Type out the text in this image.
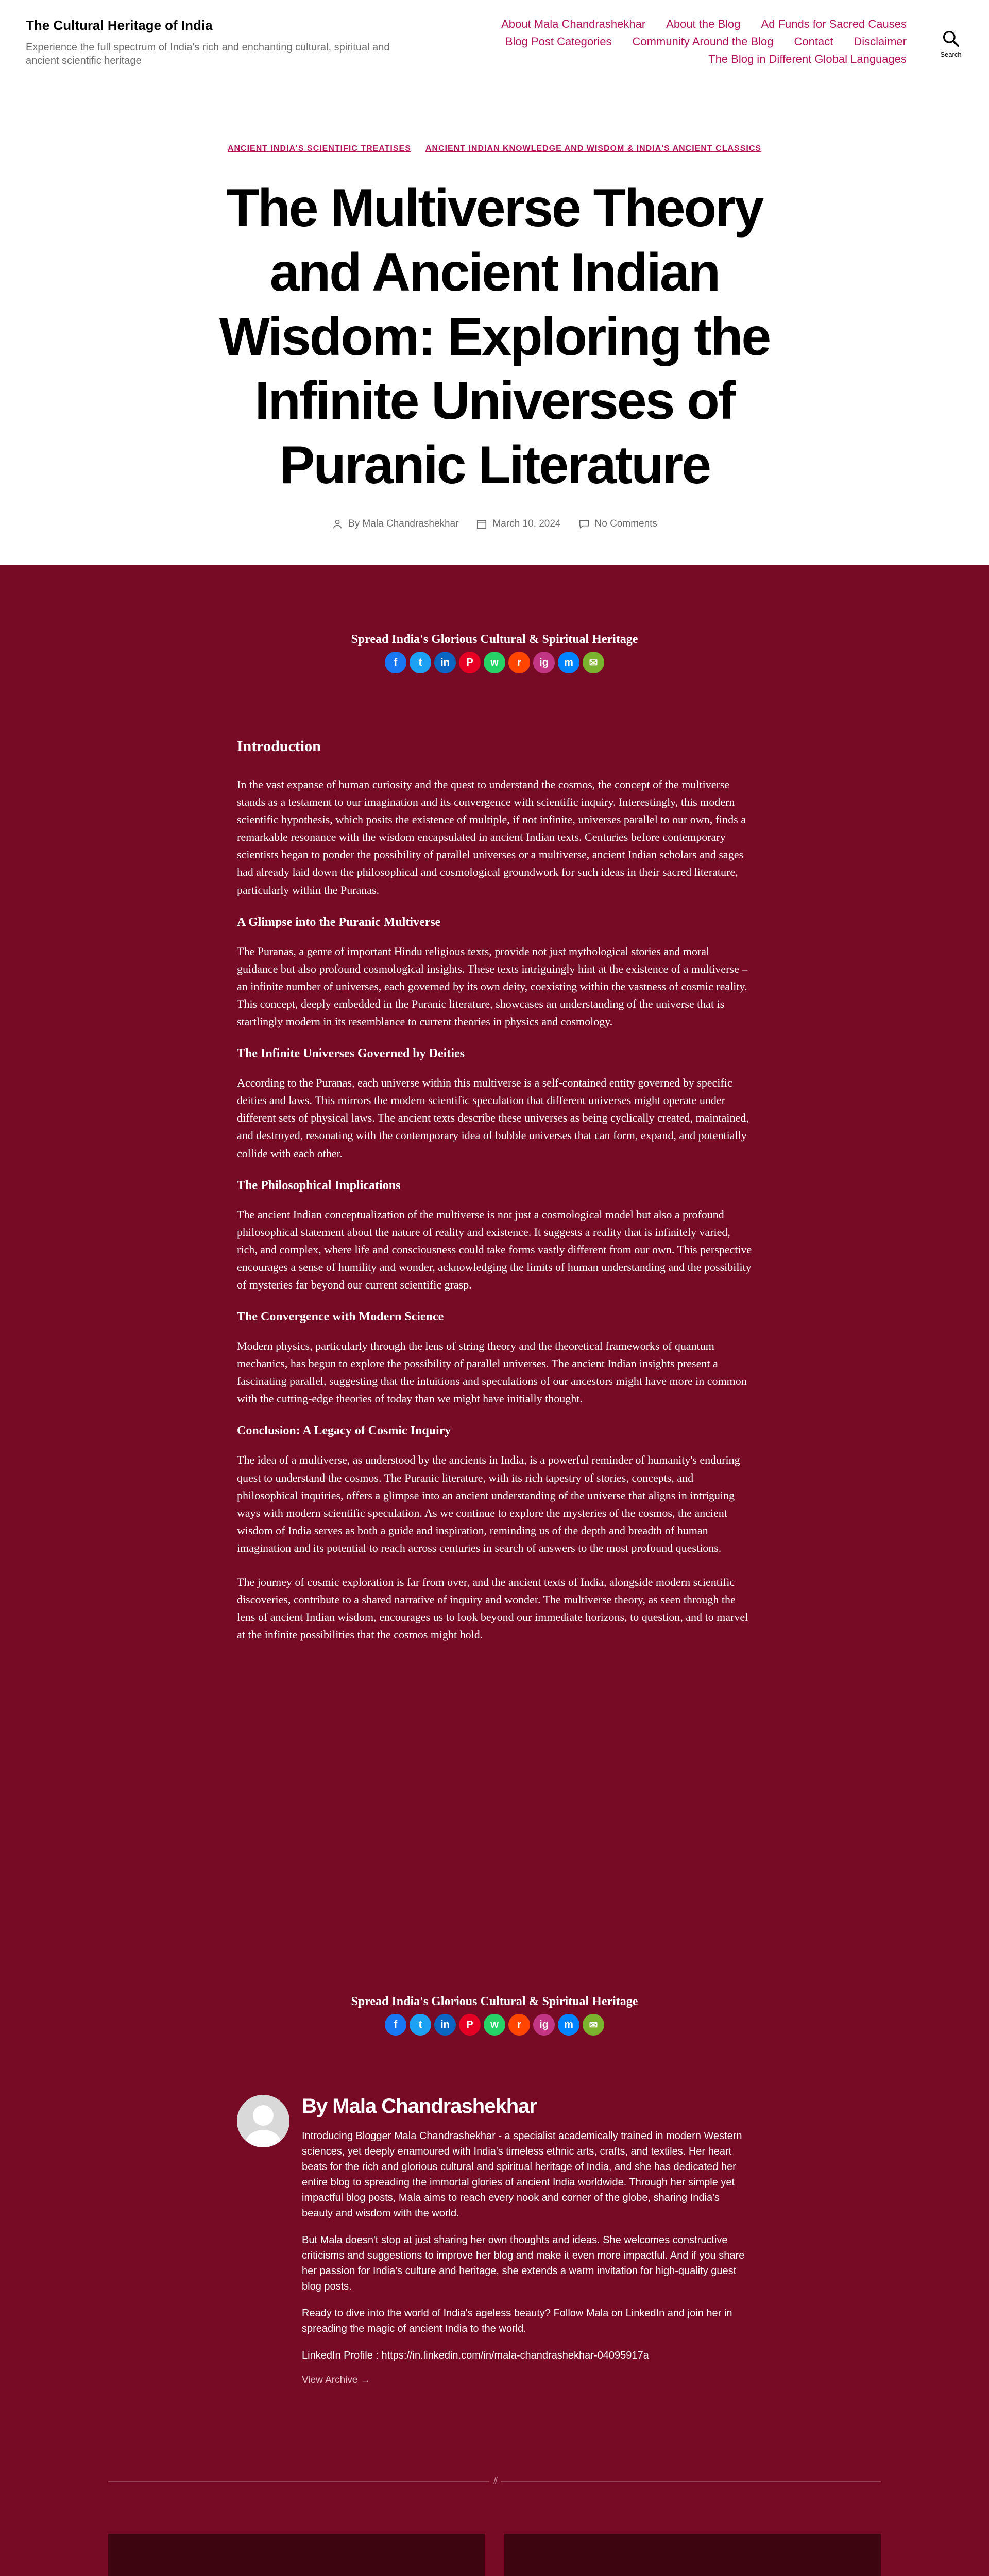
The Cultural Heritage of India

Experience the full spectrum of India's rich and enchanting cultural, spiritual and ancient scientific heritage

About Mala Chandrashekhar About the Blog Ad Funds for Sacred Causes
Blog Post Categories Community Around the Blog Contact Disclaimer
The Blog in Different Global Languages	Search
ANCIENT INDIA'S SCIENTIFIC TREATISES ANCIENT INDIAN KNOWLEDGE AND WISDOM & INDIA'S ANCIENT CLASSICS
The Multiverse Theory and Ancient Indian Wisdom: Exploring the Infinite Universes of Puranic Literature
By Mala Chandrashekhar	March 10, 2024	No Comments
Spread India's Glorious Cultural & Spiritual Heritage
f	t	in	P	w	r	ig	m	✉
Introduction

In the vast expanse of human curiosity and the quest to understand the cosmos, the concept of the multiverse stands as a testament to our imagination and its convergence with scientific inquiry. Interestingly, this modern scientific hypothesis, which posits the existence of multiple, if not infinite, universes parallel to our own, finds a remarkable resonance with the wisdom encapsulated in ancient Indian texts. Centuries before contemporary scientists began to ponder the possibility of parallel universes or a multiverse, ancient Indian scholars and sages had already laid down the philosophical and cosmological groundwork for such ideas in their sacred literature, particularly within the Puranas.

A Glimpse into the Puranic Multiverse

The Puranas, a genre of important Hindu religious texts, provide not just mythological stories and moral guidance but also profound cosmological insights. These texts intriguingly hint at the existence of a multiverse – an infinite number of universes, each governed by its own deity, coexisting within the vastness of cosmic reality. This concept, deeply embedded in the Puranic literature, showcases an understanding of the universe that is startlingly modern in its resemblance to current theories in physics and cosmology.

The Infinite Universes Governed by Deities

According to the Puranas, each universe within this multiverse is a self-contained entity governed by specific deities and laws. This mirrors the modern scientific speculation that different universes might operate under different sets of physical laws. The ancient texts describe these universes as being cyclically created, maintained, and destroyed, resonating with the contemporary idea of bubble universes that can form, expand, and potentially collide with each other.

The Philosophical Implications

The ancient Indian conceptualization of the multiverse is not just a cosmological model but also a profound philosophical statement about the nature of reality and existence. It suggests a reality that is infinitely varied, rich, and complex, where life and consciousness could take forms vastly different from our own. This perspective encourages a sense of humility and wonder, acknowledging the limits of human understanding and the possibility of mysteries far beyond our current scientific grasp.

The Convergence with Modern Science

Modern physics, particularly through the lens of string theory and the theoretical frameworks of quantum mechanics, has begun to explore the possibility of parallel universes. The ancient Indian insights present a fascinating parallel, suggesting that the intuitions and speculations of our ancestors might have more in common with the cutting-edge theories of today than we might have initially thought.

Conclusion: A Legacy of Cosmic Inquiry

The idea of a multiverse, as understood by the ancients in India, is a powerful reminder of humanity's enduring quest to understand the cosmos. The Puranic literature, with its rich tapestry of stories, concepts, and philosophical inquiries, offers a glimpse into an ancient understanding of the universe that aligns in intriguing ways with modern scientific speculation. As we continue to explore the mysteries of the cosmos, the ancient wisdom of India serves as both a guide and inspiration, reminding us of the depth and breadth of human imagination and its potential to reach across centuries in search of answers to the most profound questions.

The journey of cosmic exploration is far from over, and the ancient texts of India, alongside modern scientific discoveries, contribute to a shared narrative of inquiry and wonder. The multiverse theory, as seen through the lens of ancient Indian wisdom, encourages us to look beyond our immediate horizons, to question, and to marvel at the infinite possibilities that the cosmos might hold.

Spread India's Glorious Cultural & Spiritual Heritage
f	t	in	P	w	r	ig	m	✉
By Mala Chandrashekhar

Introducing Blogger Mala Chandrashekhar - a specialist academically trained in modern Western sciences, yet deeply enamoured with India's timeless ethnic arts, crafts, and textiles. Her heart beats for the rich and glorious cultural and spiritual heritage of India, and she has dedicated her entire blog to spreading the immortal glories of ancient India worldwide. Through her simple yet impactful blog posts, Mala aims to reach every nook and corner of the globe, sharing India's beauty and wisdom with the world.

But Mala doesn't stop at just sharing her own thoughts and ideas. She welcomes constructive criticisms and suggestions to improve her blog and make it even more impactful. And if you share her passion for India's culture and heritage, she extends a warm invitation for high-quality guest blog posts.

Ready to dive into the world of India's ageless beauty? Follow Mala on LinkedIn and join her in spreading the magic of ancient India to the world.

LinkedIn Profile : https://in.linkedin.com/in/mala-chandrashekhar-04095917a

View Archive →
//
